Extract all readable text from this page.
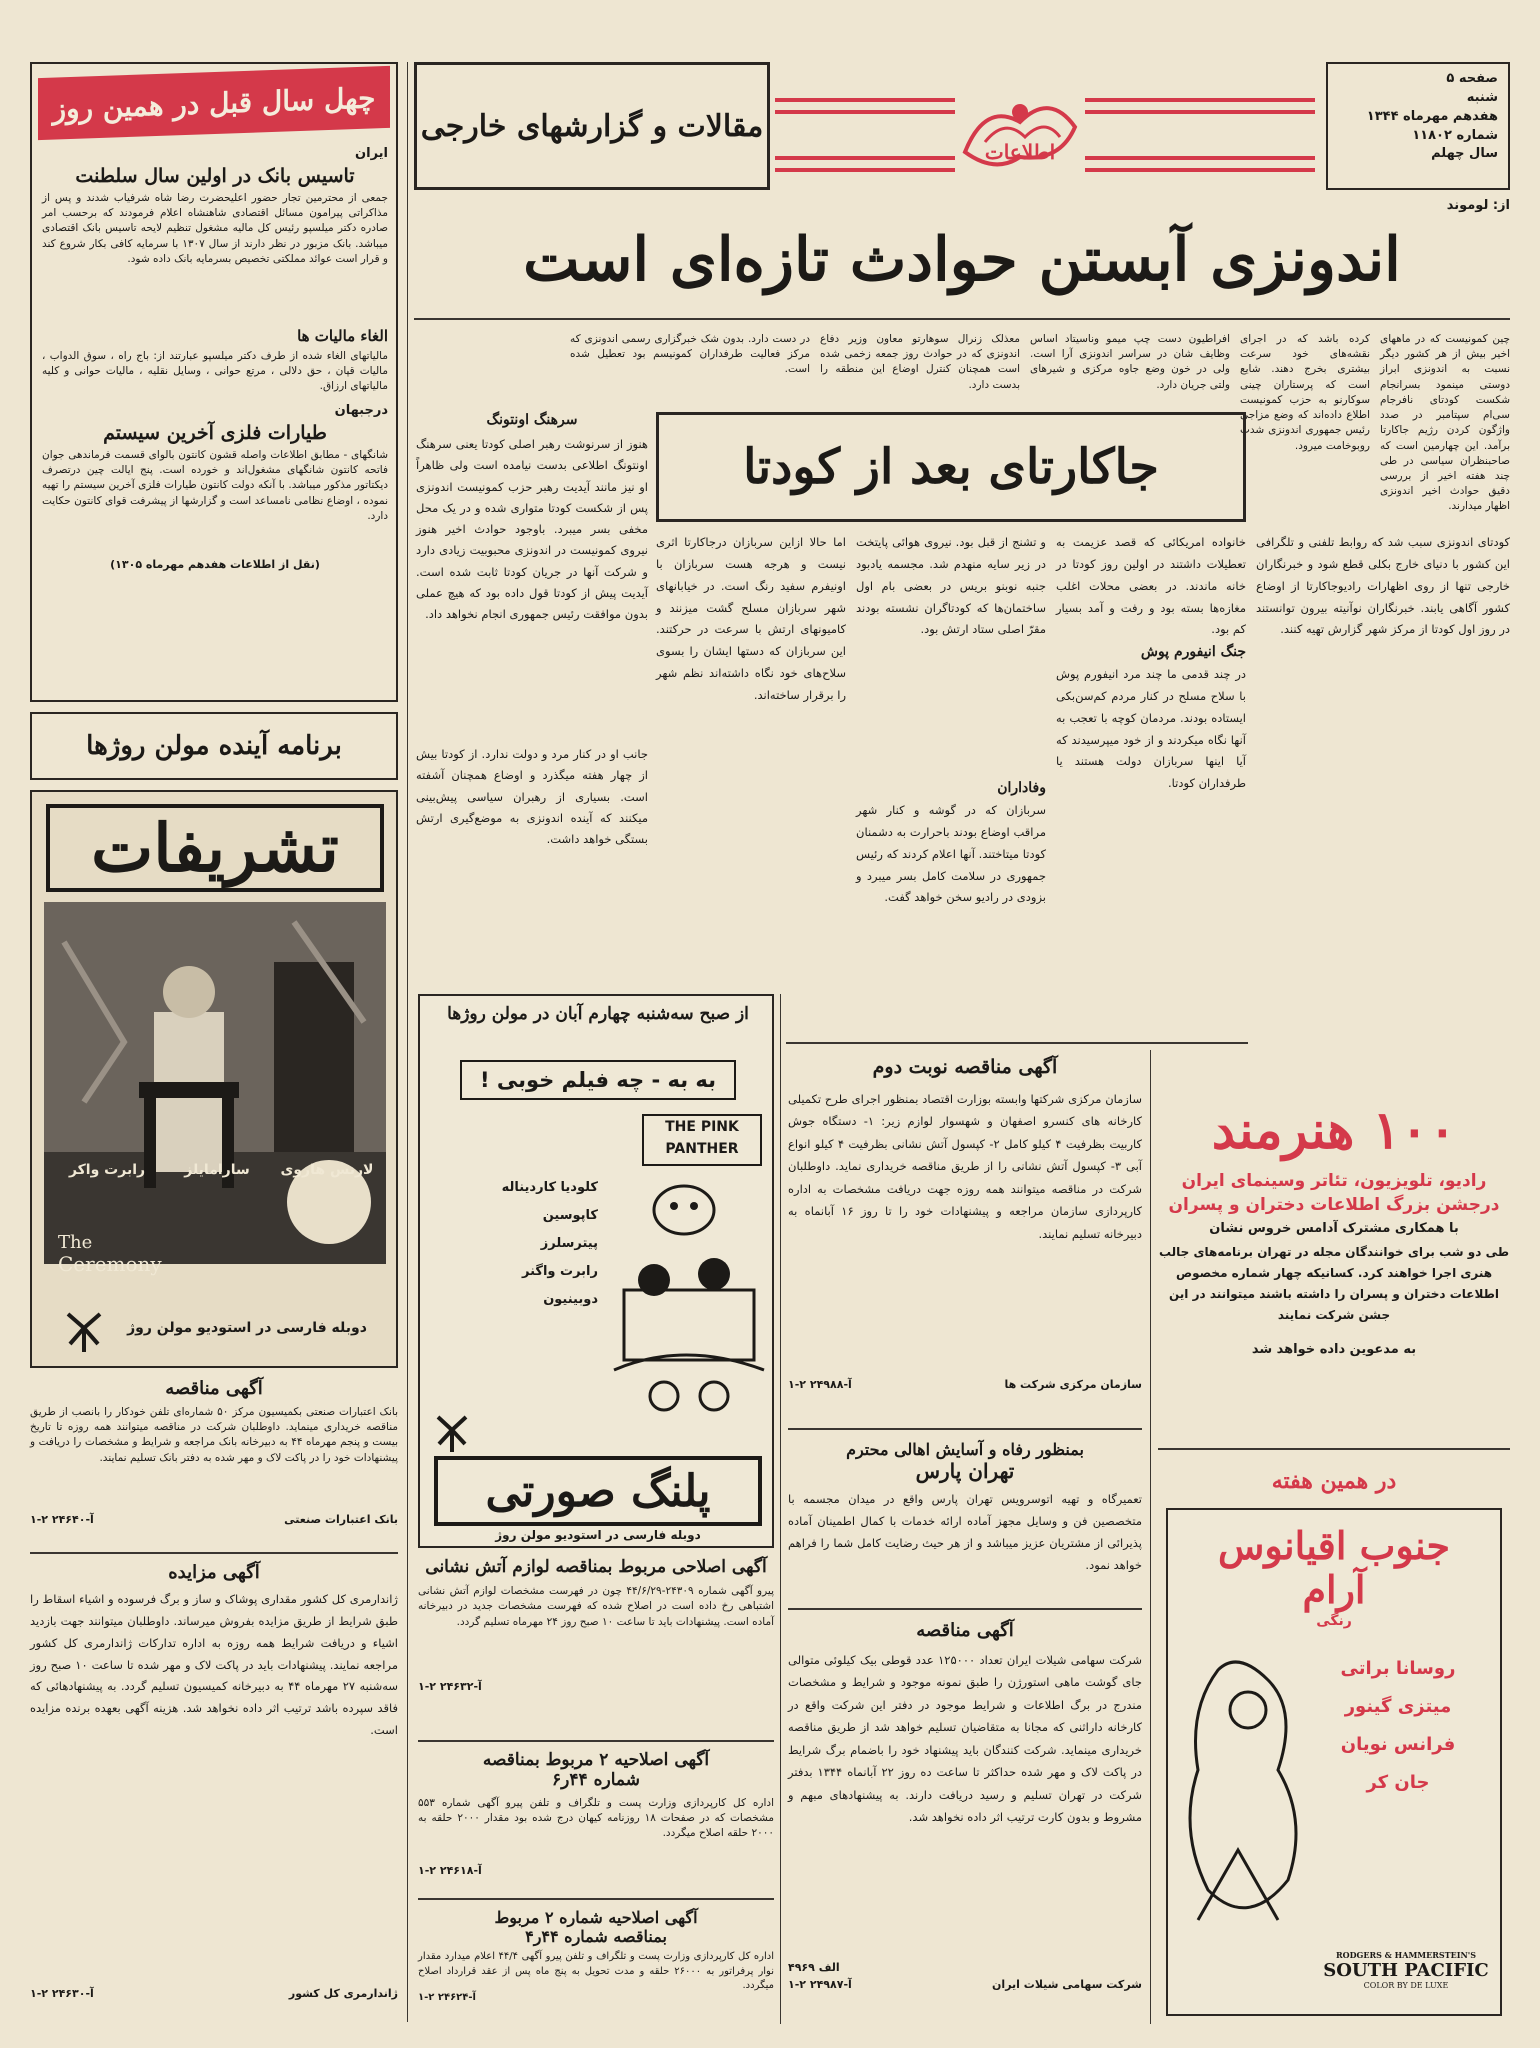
صفحه ۵
شنبه
هفدهم مهرماه ۱۳۴۴
شماره ۱۱۸۰۲
سال چهلم
اطلاعات
مقالات و گزارشهای خارجی
از: لوموند
اندونزی آبستن حوادث تازه‌ای است
چهل سال قبل در همین روز
ایران
تاسیس بانک در اولین سال سلطنت
جمعی از محترمین تجار حضور اعلیحضرت رضا شاه شرفیاب شدند و پس از مذاکراتی پیرامون مسائل اقتصادی شاهنشاه اعلام فرمودند که برحسب امر صادره دکتر میلسپو رئیس کل مالیه مشغول تنظیم لایحه تاسیس بانک اقتصادی میباشد. بانک مزبور در نظر دارند از سال ۱۳۰۷ با سرمایه کافی بکار شروع کند و قرار است عوائد مملکتی تخصیص بسرمایه بانک داده شود.
الغاء مالیات ها
مالیاتهای الغاء شده از طرف دکتر میلسپو عبارتند از: باج راه ، سوق الدواب ، مالیات قپان ، حق دلالی ، مرتع حوانی ، وسایل نقلیه ، مالیات حوانی و کلیه مالیاتهای ارزاق.
درجبهان
طیارات فلزی آخرین سیستم
شانگهای - مطابق اطلاعات واصله قشون کانتون بالوای قسمت فرماندهی جوان فاتحه کانتون شانگهای مشغول‌اند و خورده است. پنج ایالت چین درتصرف دیکتاتور مذکور میباشد. با آنکه دولت کانتون طیارات فلزی آخرین سیستم را تهیه نموده ، اوضاع نظامی نامساعد است و گزارشها از پیشرفت قوای کانتون حکایت دارد.
(نقل از اطلاعات هفدهم مهرماه ۱۳۰۵)
برنامه آینده مولن روژها
تشریفات
لارنس هاروی
سارامایلز
رابرت واکر
The
Ceremony
دوبله فارسی در استودیو مولن روژ
آگهی مناقصه
بانک اعتبارات صنعتی بکمیسیون مرکز ۵۰ شماره‌ای تلفن خودکار را بانصب از طریق مناقصه خریداری مینماید. داوطلبان شرکت در مناقصه میتوانند همه روزه تا تاریخ بیست و پنجم مهرماه ۴۴ به دبیرخانه بانک مراجعه و شرایط و مشخصات را دریافت و پیشنهادات خود را در پاکت لاک و مهر شده به دفتر بانک تسلیم نمایند.
بانک اعتبارات صنعتی
آ-۲۴۶۴۰ ۲-۱
آگهی مزایده
ژاندارمری کل کشور مقداری پوشاک و ساز و برگ فرسوده و اشیاء اسقاط را طبق شرایط از طریق مزایده بفروش میرساند. داوطلبان میتوانند جهت بازدید اشیاء و دریافت شرایط همه روزه به اداره تدارکات ژاندارمری کل کشور مراجعه نمایند. پیشنهادات باید در پاکت لاک و مهر شده تا ساعت ۱۰ صبح روز سه‌شنبه ۲۷ مهرماه ۴۴ به دبیرخانه کمیسیون تسلیم گردد. به پیشنهادهائی که فاقد سپرده باشد ترتیب اثر داده نخواهد شد. هزینه آگهی بعهده برنده مزایده است.
ژاندارمری کل کشور
آ-۲۴۶۳۰ ۲-۱
چین کمونیست که در ماههای اخیر بیش از هر کشور دیگر نسبت به اندونزی ابراز دوستی مینمود بسرانجام شکست کودتای نافرجام سی‌ام سپتامبر در صدد واژگون کردن رژیم جاکارتا برآمد. این چهارمین است که صاحبنظران سیاسی در طی چند هفته اخیر از بررسی دقیق حوادث اخیر اندونزی اظهار میدارند.
کرده باشد که در اجرای نقشه‌های خود سرعت بیشتری بخرج دهند. شایع است که پرستاران چینی سوکارنو به حزب کمونیست اطلاع داده‌اند که وضع مزاجی رئیس جمهوری اندونزی شدت روبوخامت میرود.
افراطیون دست چپ میمو وناسیتاد اساس وظایف شان در سراسر اندونزی آرا است. ولی در خون وضع جاوه مرکزی و شیرهای ولتی جریان دارد.
معذلک زنرال سوهارتو معاون وزیر دفاع اندونزی که در حوادث روز جمعه زخمی شده است همچنان کنترل اوضاع این منطقه را بدست دارد.
در دست دارد. بدون شک خبرگزاری رسمی اندونزی که مرکز فعالیت طرفداران کمونیسم بود تعطیل شده است.
جاکارتای بعد از کودتا
سرهنگ اونتونگ
هنوز از سرنوشت رهبر اصلی کودتا یعنی سرهنگ اونتونگ اطلاعی بدست نیامده است ولی ظاهراً او نیز مانند آیدیت رهبر حزب کمونیست اندونزی پس از شکست کودتا متواری شده و در یک محل مخفی بسر میبرد. باوجود حوادث اخیر هنوز نیروی کمونیست در اندونزی محبوبیت زیادی دارد و شرکت آنها در جریان کودتا ثابت شده است. آیدیت پیش از کودتا قول داده بود که هیچ عملی بدون موافقت رئیس جمهوری انجام نخواهد داد.
جانب او در کنار مرد و دولت ندارد. از کودتا بیش از چهار هفته میگذرد و اوضاع همچنان آشفته است. بسیاری از رهبران سیاسی پیش‌بینی میکنند که آینده اندونزی به موضع‌گیری ارتش بستگی خواهد داشت.
اما حالا ازاین سربازان درجاکارتا اثری نیست و هرجه هست سربازان با اونیفرم سفید رنگ است. در خیابانهای شهر سربازان مسلح گشت میزنند و کامیونهای ارتش با سرعت در حرکتند. این سربازان که دستها ایشان را بسوی سلاح‌های خود نگاه داشته‌اند نظم شهر را برقرار ساخته‌اند.
و تشنج از قبل بود. نیروی هوائی پایتخت در زیر سایه منهدم شد. مجسمه یادبود جنبه نوبنو بریس در بعضی بام اول ساختمان‌ها که کودتاگران نشسته بودند مقرّ اصلی ستاد ارتش بود.
وفاداران
سربازان که در گوشه و کنار شهر مراقب اوضاع بودند باحرارت به دشمنان کودتا میتاختند. آنها اعلام کردند که رئیس جمهوری در سلامت کامل بسر میبرد و بزودی در رادیو سخن خواهد گفت.
خانواده امریکائی که قصد عزیمت به تعطیلات داشتند در اولین روز کودتا در خانه ماندند. در بعضی محلات اغلب مغازه‌ها بسته بود و رفت و آمد بسیار کم بود.
جنگ انیفورم پوش
در چند قدمی ما چند مرد انیفورم پوش با سلاح مسلح در کنار مردم کم‌سن‌بکی ایستاده بودند. مردمان کوچه با تعجب به آنها نگاه میکردند و از خود میپرسیدند که آیا اینها سربازان دولت هستند یا طرفداران کودتا.
کودتای اندونزی سبب شد که روابط تلفنی و تلگرافی این کشور با دنیای خارج بکلی قطع شود و خبرنگاران خارجی تنها از روی اظهارات رادیوجاکارتا از اوضاع کشور آگاهی یابند. خبرنگاران نوآنیته بیرون توانستند در روز اول کودتا از مرکز شهر گزارش تهیه کنند.
از صبح سه‌شنبه چهارم آبان در مولن روژها
به به - چه فیلم خوبی !
THE PINK
PANTHER
کلودیا کاردیناله
کاپوسین
پیترسلرز
رابرت واگنر
دوبینیون
پلنگ صورتی
دوبله فارسی در استودیو مولن روژ
آگهی اصلاحی مربوط بمناقصه لوازم آتش نشانی
پیرو آگهی شماره ۲۴۳۰۹-۴۴/۶/۲۹ چون در فهرست مشخصات لوازم آتش نشانی اشتباهی رخ داده است در اصلاح شده که فهرست مشخصات جدید در دبیرخانه آماده است. پیشنهادات باید تا ساعت ۱۰ صبح روز ۲۴ مهرماه تسلیم گردد.
آ-۲۴۶۳۲ ۲-۱
آگهی اصلاحیه ۲ مربوط بمناقصه
شماره ۴۴ر۶
اداره کل کارپردازی وزارت پست و تلگراف و تلفن پیرو آگهی شماره ۵۵۳ مشخصات که در صفحات ۱۸ روزنامه کیهان درج شده بود مقدار ۲۰۰۰ حلقه به ۲۰۰۰ حلقه اصلاح میگردد.
آ-۲۴۶۱۸ ۲-۱
آگهی اصلاحیه شماره ۲ مربوط
بمناقصه شماره ۴۴ر۴
اداره کل کارپردازی وزارت پست و تلگراف و تلفن پیرو آگهی ۴۴/۴ اعلام میدارد مقدار نوار پرفراتور به ۲۶۰۰۰ حلقه و مدت تحویل به پنج ماه پس از عقد قرارداد اصلاح میگردد.
آ-۲۴۶۲۴ ۲-۱
آگهی مناقصه نوبت دوم
سازمان مرکزی شرکتها وابسته بوزارت اقتصاد بمنظور اجرای طرح تکمیلی کارخانه های کنسرو اصفهان و شهسوار لوازم زیر: ۱- دستگاه جوش کاربیت بظرفیت ۴ کیلو کامل ۲- کپسول آتش نشانی بظرفیت ۴ کیلو انواع آبی ۳- کپسول آتش نشانی را از طریق مناقصه خریداری نماید. داوطلبان شرکت در مناقصه میتوانند همه روزه جهت دریافت مشخصات به اداره کارپردازی سازمان مراجعه و پیشنهادات خود را تا روز ۱۶ آبانماه به دبیرخانه تسلیم نمایند.
سازمان مرکزی شرکت ها
آ-۲۴۹۸۸ ۲-۱
بمنظور رفاه و آسایش اهالی محترم
تهران پارس
تعمیرگاه و تهیه اتوسرویس تهران پارس واقع در میدان مجسمه با متخصصین فن و وسایل مجهز آماده ارائه خدمات با کمال اطمینان آماده پذیرائی از مشتریان عزیز میباشد و از هر حیث رضایت کامل شما را فراهم خواهد نمود.
آگهی مناقصه
شرکت سهامی شیلات ایران تعداد ۱۲۵۰۰۰ عدد قوطی بیک کیلوئی متوالی جای گوشت ماهی استورژن را طبق نمونه موجود و شرایط و مشخصات مندرج در برگ اطلاعات و شرایط موجود در دفتر این شرکت واقع در کارخانه داراثنی که مجانا به متقاضیان تسلیم خواهد شد از طریق مناقصه خریداری مینماید. شرکت کنندگان باید پیشنهاد خود را باضمام برگ شرایط در پاکت لاک و مهر شده حداکثر تا ساعت ده روز ۲۲ آبانماه ۱۳۴۴ بدفتر شرکت در تهران تسلیم و رسید دریافت دارند. به پیشنهادهای مبهم و مشروط و بدون کارت ترتیب اثر داده نخواهد شد.
الف ۴۹۶۹
شرکت سهامی شیلات ایران
آ-۲۴۹۸۷ ۲-۱
۱۰۰ هنرمند
رادیو، تلویزیون، تئاتر وسینمای ایران
درجشن بزرگ اطلاعات دختران و پسران
با همکاری مشترک آدامس خروس نشان
طی دو شب برای خوانندگان مجله در تهران برنامه‌های جالب هنری اجرا خواهند کرد. کسانیکه چهار شماره مخصوص اطلاعات دختران و پسران را داشته باشند میتوانند در این جشن شرکت نمایند
به مدعوین داده خواهد شد
در همین هفته
جنوب اقیانوس آرام
رنگی
روسانا براتی
میتزی گینور
فرانس نویان
جان کر
RODGERS & HAMMERSTEIN'S
SOUTH PACIFIC
COLOR BY DE LUXE
